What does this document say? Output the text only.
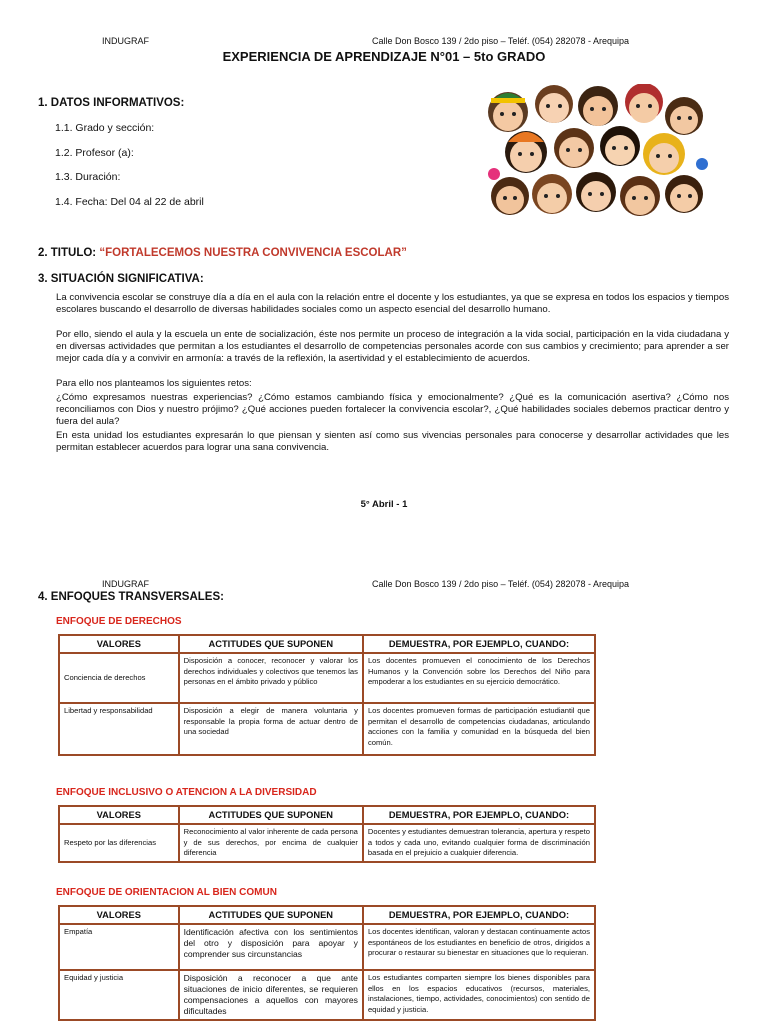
INDUGRAF	Calle Don Bosco 139 / 2do piso – Teléf. (054) 282078 - Arequipa
EXPERIENCIA DE APRENDIZAJE N°01 – 5to GRADO
1. DATOS INFORMATIVOS:
1.1. Grado y sección:
1.2. Profesor (a):
1.3. Duración:
1.4. Fecha: Del 04 al 22 de abril
2. TITULO: “FORTALECEMOS NUESTRA CONVIVENCIA ESCOLAR”
3. SITUACIÓN SIGNIFICATIVA:
La convivencia escolar se construye día a día en el aula con la relación entre el docente y los estudiantes, ya que se expresa en todos los espacios y tiempos escolares buscando el desarrollo de diversas habilidades sociales como un aspecto esencial del desarrollo humano.
Por ello, siendo el aula y la escuela un ente de socialización, éste nos permite un proceso de integración a la vida social, participación en la vida ciudadana y en diversas actividades que permitan a los estudiantes el desarrollo de competencias personales acorde con sus cambios y crecimiento; para aprender a ser mejor cada día y a convivir en armonía: a través de la reflexión, la asertividad y el establecimiento de acuerdos.
Para ello nos planteamos los siguientes retos:
¿Cómo expresamos nuestras experiencias? ¿Cómo estamos cambiando física y emocionalmente? ¿Qué es la comunicación asertiva? ¿Cómo nos reconciliamos con Dios y nuestro prójimo? ¿Qué acciones pueden fortalecer la convivencia escolar?, ¿Qué habilidades sociales debemos practicar dentro y fuera del aula?
En esta unidad los estudiantes expresarán lo que piensan y sienten así como sus vivencias personales para conocerse y desarrollar actividades que les permitan establecer acuerdos para lograr una sana convivencia.
5° Abril - 1
INDUGRAF	Calle Don Bosco 139 / 2do piso – Teléf. (054) 282078 - Arequipa
4. ENFOQUES TRANSVERSALES:
ENFOQUE DE DERECHOS
VALORES	ACTITUDES QUE SUPONEN	DEMUESTRA, POR EJEMPLO, CUANDO:
Conciencia de derechos	Disposición a conocer, reconocer y valorar los derechos individuales y colectivos que tenemos las personas en el ámbito privado y público	Los docentes promueven el conocimiento de los Derechos Humanos y la Convención sobre los Derechos del Niño para empoderar a los estudiantes en su ejercicio democrático.
Libertad y responsabilidad	Disposición a elegir de manera voluntaria y responsable la propia forma de actuar dentro de una sociedad	Los docentes promueven formas de participación estudiantil que permitan el desarrollo de competencias ciudadanas, articulando acciones con la familia y comunidad en la búsqueda del bien común.
ENFOQUE INCLUSIVO O ATENCION A LA DIVERSIDAD
VALORES	ACTITUDES QUE SUPONEN	DEMUESTRA, POR EJEMPLO, CUANDO:
Respeto por las diferencias	Reconocimiento al valor inherente de cada persona y de sus derechos, por encima de cualquier diferencia	Docentes y estudiantes demuestran tolerancia, apertura y respeto a todos y cada uno, evitando cualquier forma de discriminación basada en el prejuicio a cualquier diferencia.
ENFOQUE DE ORIENTACION AL BIEN COMUN
VALORES	ACTITUDES QUE SUPONEN	DEMUESTRA, POR EJEMPLO, CUANDO:
Empatía	Identificación afectiva con los sentimientos del otro y disposición para apoyar y comprender sus circunstancias	Los docentes identifican, valoran y destacan continuamente actos espontáneos de los estudiantes en beneficio de otros, dirigidos a procurar o restaurar su bienestar en situaciones que lo requieran.
Equidad y justicia	Disposición a reconocer a que ante situaciones de inicio diferentes, se requieren compensaciones a aquellos con mayores dificultades	Los estudiantes comparten siempre los bienes disponibles para ellos en los espacios educativos (recursos, materiales, instalaciones, tiempo, actividades, conocimientos) con sentido de equidad y justicia.
